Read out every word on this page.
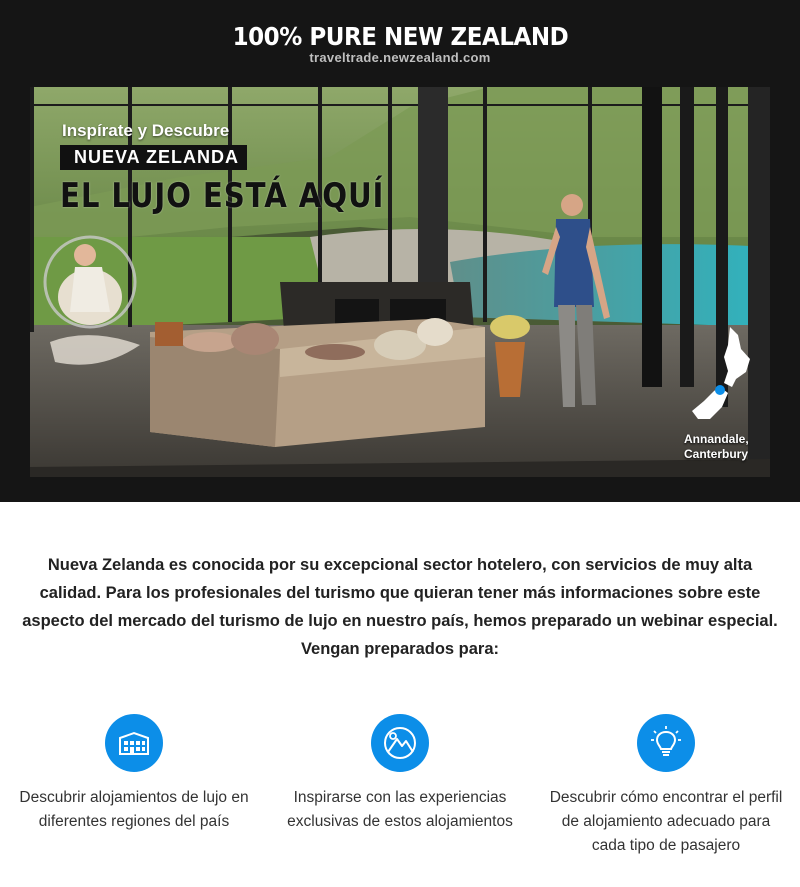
100% PURE NEW ZEALAND
traveltrade.newzealand.com
Inspírate y Descubre
NUEVA ZELANDA
EL LUJO ESTÁ AQUÍ
Annandale,
Canterbury

Nueva Zelanda es conocida por su excepcional sector hotelero, con servicios de muy alta calidad. Para los profesionales del turismo que quieran tener más informaciones sobre este aspecto del mercado del turismo de lujo en nuestro país, hemos preparado un webinar especial. Vengan preparados para:

Descubrir alojamientos de lujo en diferentes regiones del país
Inspirarse con las experiencias exclusivas de estos alojamientos
Descubrir cómo encontrar el perfil de alojamiento adecuado para cada tipo de pasajero
